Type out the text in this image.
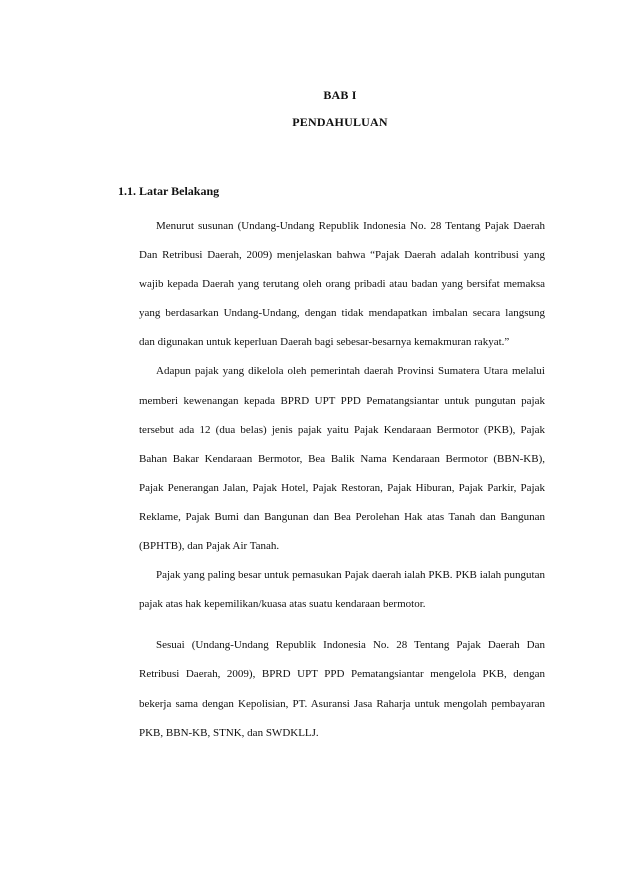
BAB I
PENDAHULUAN
1.1. Latar Belakang

Menurut susunan (Undang-Undang Republik Indonesia No. 28 Tentang Pajak Daerah Dan Retribusi Daerah, 2009) menjelaskan bahwa “Pajak Daerah adalah kontribusi yang wajib kepada Daerah yang terutang oleh orang pribadi atau badan yang bersifat memaksa yang berdasarkan Undang-Undang, dengan tidak mendapatkan imbalan secara langsung dan digunakan untuk keperluan Daerah bagi sebesar-besarnya kemakmuran rakyat.”

Adapun pajak yang dikelola oleh pemerintah daerah Provinsi Sumatera Utara melalui memberi kewenangan kepada BPRD UPT PPD Pematangsiantar untuk pungutan pajak tersebut ada 12 (dua belas) jenis pajak yaitu Pajak Kendaraan Bermotor (PKB), Pajak Bahan Bakar Kendaraan Bermotor, Bea Balik Nama Kendaraan Bermotor (BBN-KB), Pajak Penerangan Jalan, Pajak Hotel, Pajak Restoran, Pajak Hiburan, Pajak Parkir, Pajak Reklame, Pajak Bumi dan Bangunan dan Bea Perolehan Hak atas Tanah dan Bangunan (BPHTB), dan Pajak Air Tanah.

Pajak yang paling besar untuk pemasukan Pajak daerah ialah PKB. PKB ialah pungutan pajak atas hak kepemilikan/kuasa atas suatu kendaraan bermotor.

Sesuai (Undang-Undang Republik Indonesia No. 28 Tentang Pajak Daerah Dan Retribusi Daerah, 2009), BPRD UPT PPD Pematangsiantar mengelola PKB, dengan bekerja sama dengan Kepolisian, PT. Asuransi Jasa Raharja untuk mengolah pembayaran PKB, BBN-KB, STNK, dan SWDKLLJ.
